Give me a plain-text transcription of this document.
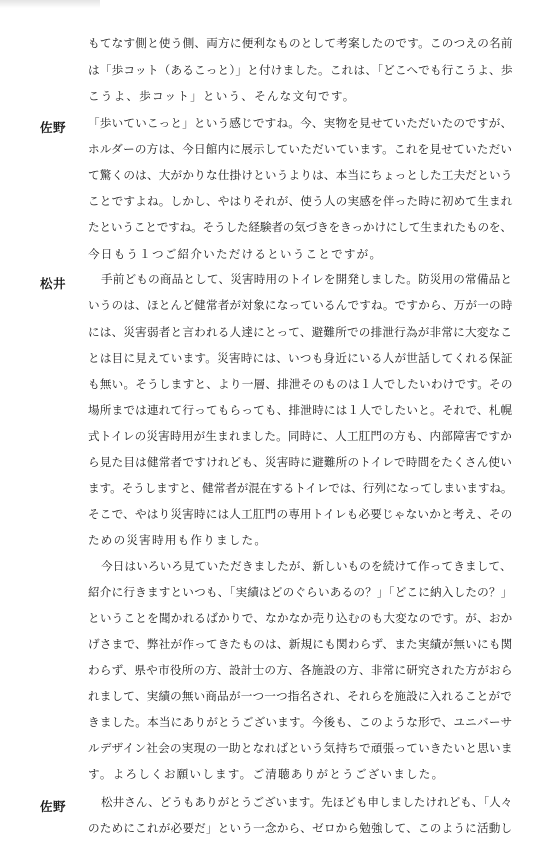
もてなす側と使う側、両方に便利なものとして考案したのです。このつえの名前
は「歩コット（あるこっと）」と付けました。これは、「どこへでも行こうよ、歩
こうよ、歩コット」という、そんな文句です。
佐野 「歩いていこっと」という感じですね。今、実物を見せていただいたのですが、
ホルダーの方は、今日館内に展示していただいています。これを見せていただい
て驚くのは、大がかりな仕掛けというよりは、本当にちょっとした工夫だという
ことですよね。しかし、やはりそれが、使う人の実感を伴った時に初めて生まれ
たということですね。そうした経験者の気づきをきっかけにして生まれたものを、
今日もう１つご紹介いただけるということですが。
松井	手前どもの商品として、災害時用のトイレを開発しました。防災用の常備品と
いうのは、ほとんど健常者が対象になっているんですね。ですから、万が一の時
には、災害弱者と言われる人達にとって、避難所での排泄行為が非常に大変なこ
とは目に見えています。災害時には、いつも身近にいる人が世話してくれる保証
も無い。そうしますと、より一層、排泄そのものは１人でしたいわけです。その
場所までは連れて行ってもらっても、排泄時には１人でしたいと。それで、札幌
式トイレの災害時用が生まれました。同時に、人工肛門の方も、内部障害ですか
ら見た目は健常者ですけれども、災害時に避難所のトイレで時間をたくさん使い
ます。そうしますと、健常者が混在するトイレでは、行列になってしまいますね。
そこで、やはり災害時には人工肛門の専用トイレも必要じゃないかと考え、その
ための災害時用も作りました。
今日はいろいろ見ていただきましたが、新しいものを続けて作ってきまして、
紹介に行きますといつも、「実績はどのぐらいあるの？」「どこに納入したの？」
ということを聞かれるばかりで、なかなか売り込むのも大変なのです。が、おか
げさまで、弊社が作ってきたものは、新規にも関わらず、また実績が無いにも関
わらず、県や市役所の方、設計士の方、各施設の方、非常に研究された方がおら
れまして、実績の無い商品が一つ一つ指名され、それらを施設に入れることがで
きました。本当にありがとうございます。今後も、このような形で、ユニバーサ
ルデザイン社会の実現の一助となればという気持ちで頑張っていきたいと思いま
す。よろしくお願いします。ご清聴ありがとうございました。
佐野	松井さん、どうもありがとうございます。先ほども申しましたけれども、「人々
のためにこれが必要だ」という一念から、ゼロから勉強して、このように活動し
